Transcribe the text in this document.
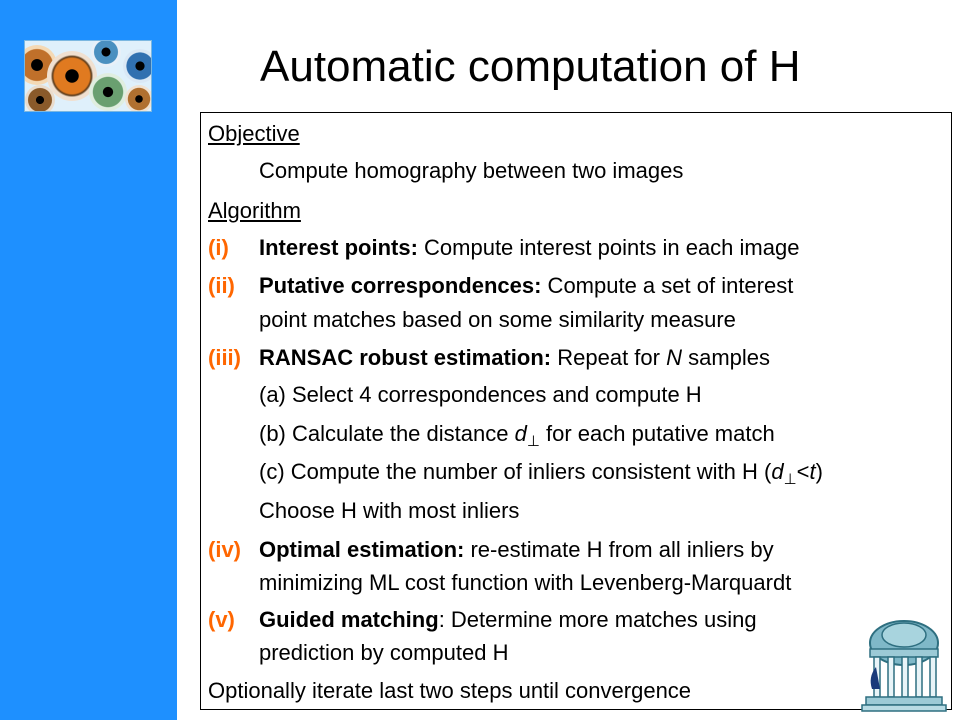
Automatic computation of H
Objective
Compute homography between two images
Algorithm
(i) Interest points: Compute interest points in each image
(ii) Putative correspondences: Compute a set of interest
point matches based on some similarity measure
(iii) RANSAC robust estimation: Repeat for N samples
(a) Select 4 correspondences and compute H
(b) Calculate the distance $d_\perp$ for each putative match
(c) Compute the number of inliers consistent with H $(d_\perp<t)$
Choose H with most inliers
(iv) Optimal estimation: re-estimate H from all inliers by
minimizing ML cost function with Levenberg-Marquardt
(v) Guided matching: Determine more matches using
prediction by computed H
Optionally iterate last two steps until convergence
